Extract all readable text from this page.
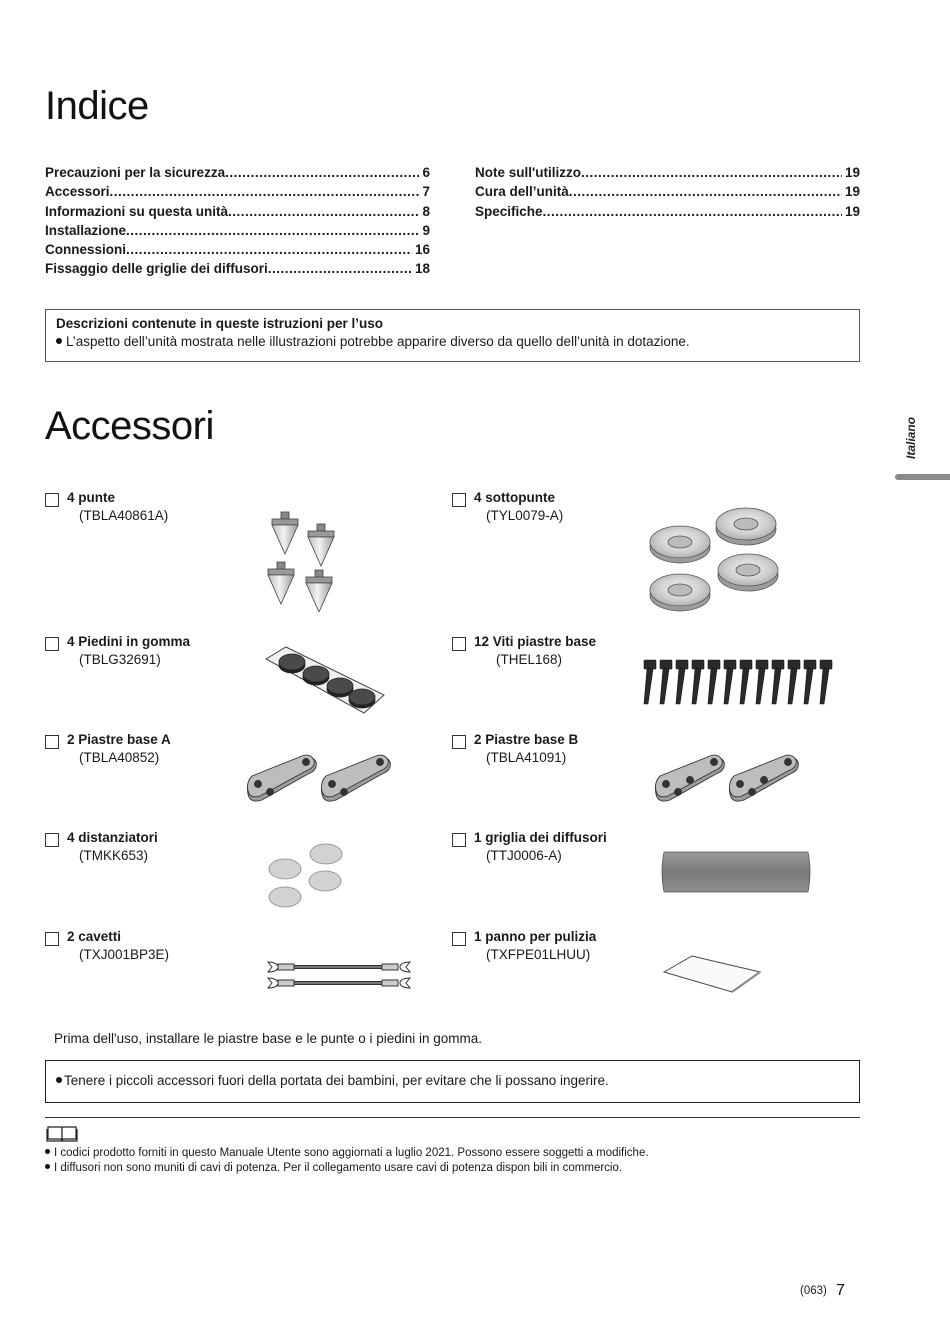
Indice
Precauzioni per la sicurezza .....	6
Accessori .....	7
Informazioni su questa unità .....	8
Installazione .....	9
Connessioni .....	16
Fissaggio delle griglie dei diffusori .....	18
Note sull'utilizzo .....	19
Cura dell’unità .....	19
Specifiche .....	19
Descrizioni contenute in queste istruzioni per l’uso
L’aspetto dell’unità mostrata nelle illustrazioni potrebbe apparire diverso da quello dell’unità in dotazione.
Italiano
Accessori
4 punte
(TBLA40861A)
4 sottopunte
(TYL0079-A)
4 Piedini in gomma
(TBLG32691)
12 Viti piastre base
(THEL168)
2 Piastre base A
(TBLA40852)
2 Piastre base B
(TBLA41091)
4 distanziatori
(TMKK653)
1 griglia dei diffusori
(TTJ0006-A)
2 cavetti
(TXJ001BP3E)
1 panno per pulizia
(TXFPE01LHUU)
Prima dell'uso, installare le piastre base e le punte o i piedini in gomma.
Tenere i piccoli accessori fuori della portata dei bambini, per evitare che li possano ingerire.
I codici prodotto forniti in questo Manuale Utente sono aggiornati a luglio 2021. Possono essere soggetti a modifiche.
I diffusori non sono muniti di cavi di potenza. Per il collegamento usare cavi di potenza dispon bili in commercio.
(063) 7
